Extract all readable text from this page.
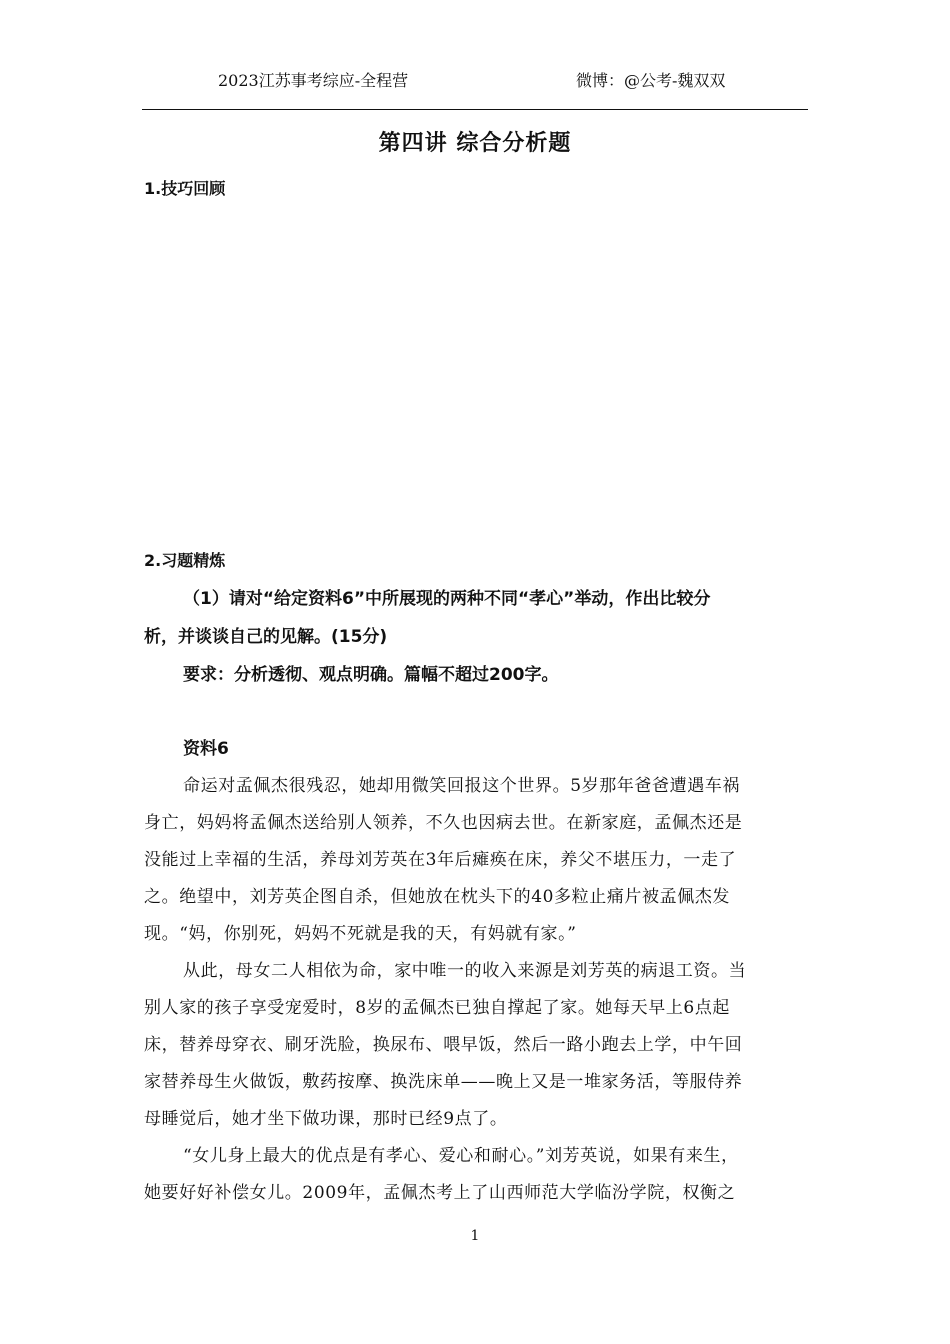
2023江苏事考综应-全程营	微博：@公考-魏双双
第四讲 综合分析题
1.技巧回顾
2.习题精炼
（1）请对“给定资料6”中所展现的两种不同“孝心”举动，作出比较分
析，并谈谈自己的见解。(15分)
要求：分析透彻、观点明确。篇幅不超过200字。
资料6
命运对孟佩杰很残忍，她却用微笑回报这个世界。5岁那年爸爸遭遇车祸
身亡，妈妈将孟佩杰送给别人领养，不久也因病去世。在新家庭，孟佩杰还是
没能过上幸福的生活，养母刘芳英在3年后瘫痪在床，养父不堪压力，一走了
之。绝望中，刘芳英企图自杀，但她放在枕头下的40多粒止痛片被孟佩杰发
现。“妈，你别死，妈妈不死就是我的天，有妈就有家。”
从此，母女二人相依为命，家中唯一的收入来源是刘芳英的病退工资。当
别人家的孩子享受宠爱时，8岁的孟佩杰已独自撑起了家。她每天早上6点起
床，替养母穿衣、刷牙洗脸，换尿布、喂早饭，然后一路小跑去上学，中午回
家替养母生火做饭，敷药按摩、换洗床单——晚上又是一堆家务活，等服侍养
母睡觉后，她才坐下做功课，那时已经9点了。
“女儿身上最大的优点是有孝心、爱心和耐心。”刘芳英说，如果有来生，
她要好好补偿女儿。2009年，孟佩杰考上了山西师范大学临汾学院，权衡之
1
